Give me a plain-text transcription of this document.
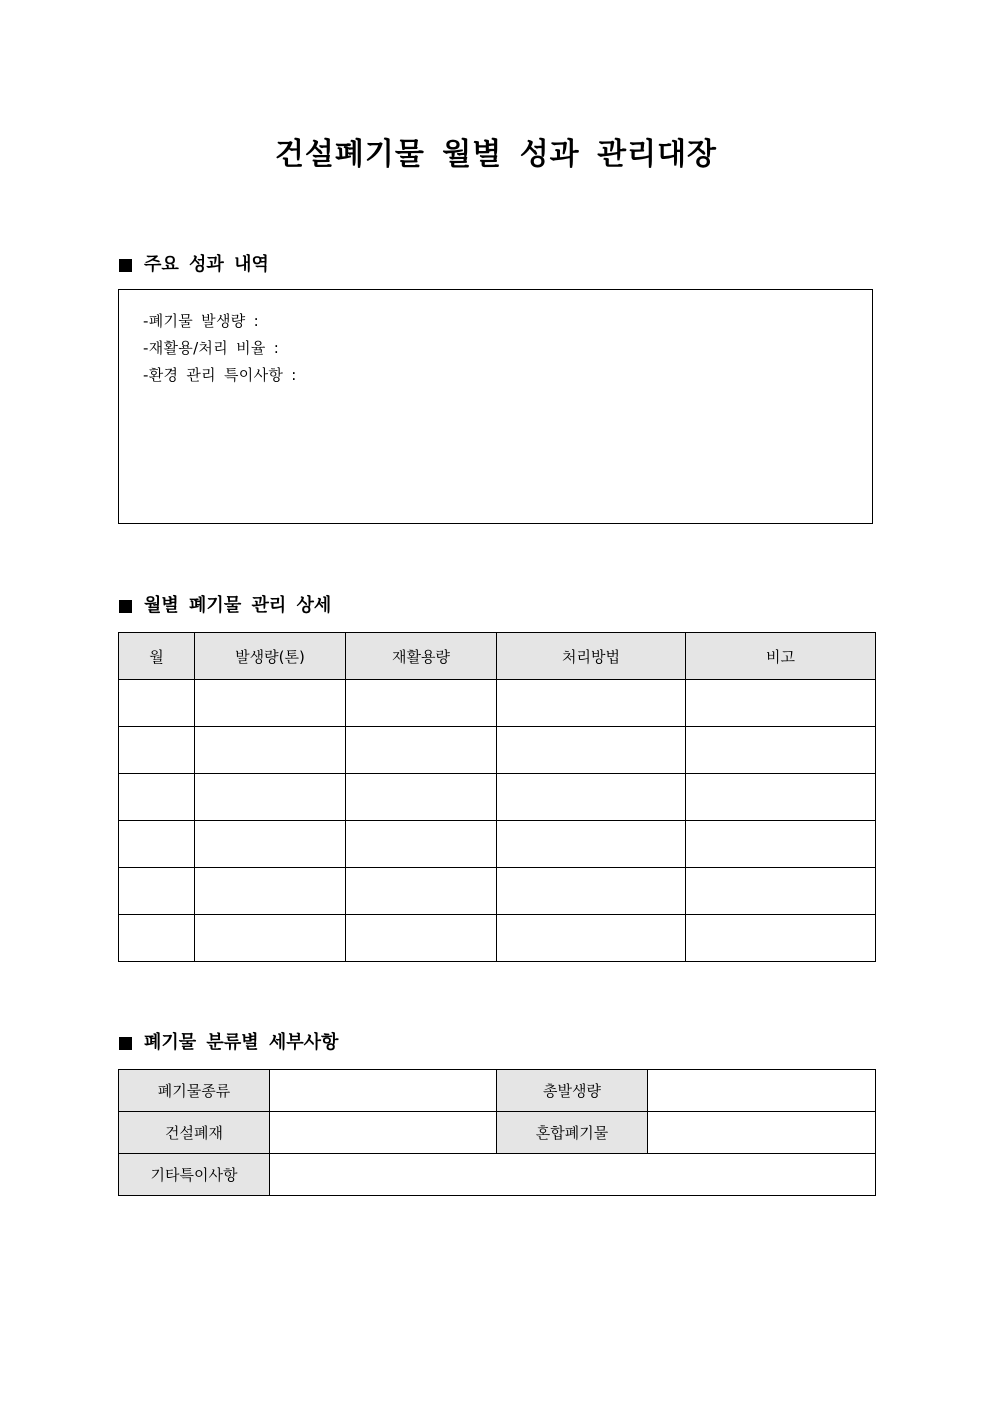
건설폐기물 월별 성과 관리대장
주요 성과 내역
-폐기물 발생량 :
-재활용/처리 비율 :
-환경 관리 특이사항 :
월별 폐기물 관리 상세
월	발생량(톤)	재활용량	처리방법	비고

폐기물 분류별 세부사항
폐기물종류		총발생량	
건설폐재		혼합폐기물	
기타특이사항			
